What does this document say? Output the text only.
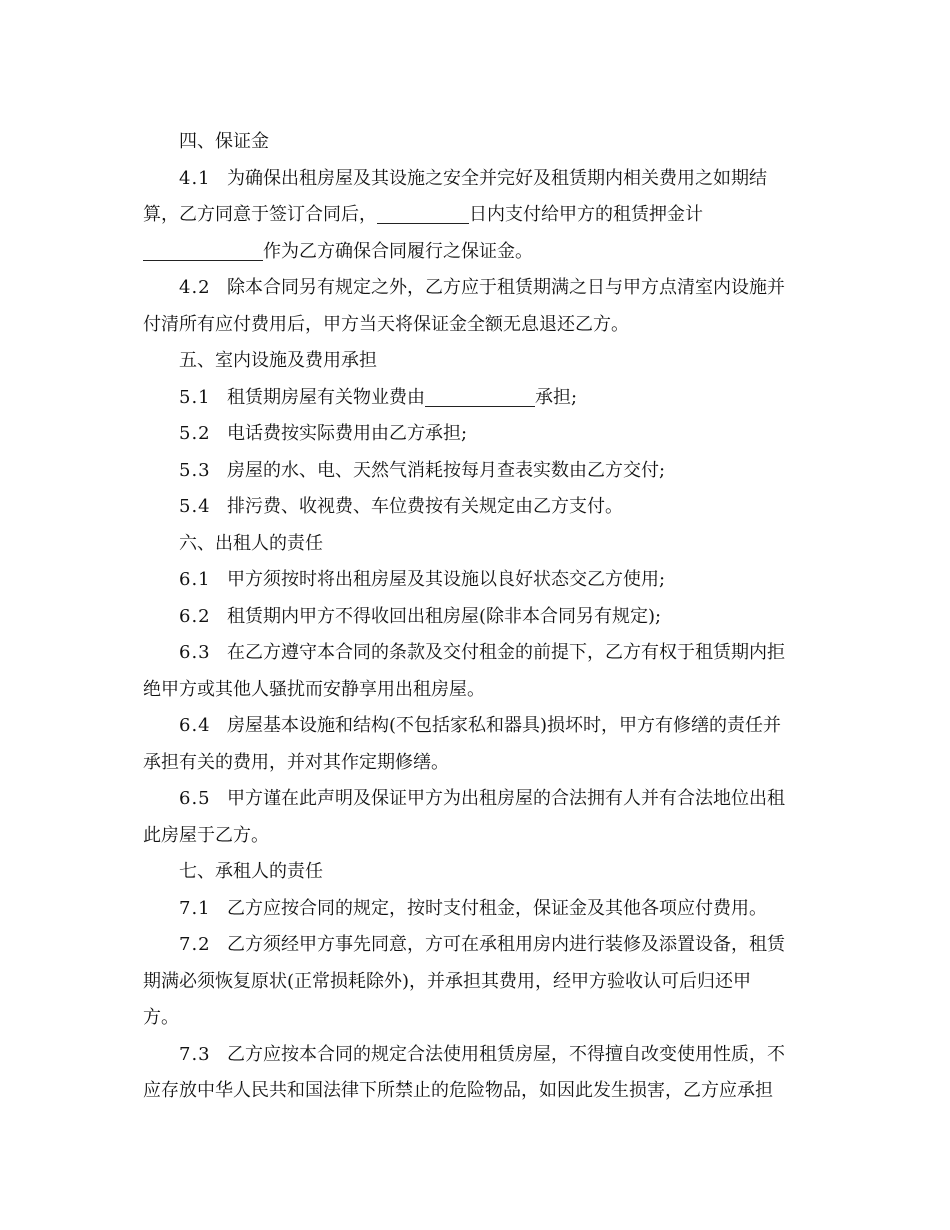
四、保证金
4.1 为确保出租房屋及其设施之安全并完好及租赁期内相关费用之如期结
算，乙方同意于签订合同后，	日内支付给甲方的租赁押金计
作为乙方确保合同履行之保证金。
4.2 除本合同另有规定之外，乙方应于租赁期满之日与甲方点清室内设施并
付清所有应付费用后，甲方当天将保证金全额无息退还乙方。
五、室内设施及费用承担
5.1 租赁期房屋有关物业费由	承担;
5.2 电话费按实际费用由乙方承担;
5.3 房屋的水、电、天然气消耗按每月查表实数由乙方交付;
5.4 排污费、收视费、车位费按有关规定由乙方支付。
六、出租人的责任
6.1 甲方须按时将出租房屋及其设施以良好状态交乙方使用;
6.2 租赁期内甲方不得收回出租房屋(除非本合同另有规定);
6.3 在乙方遵守本合同的条款及交付租金的前提下，乙方有权于租赁期内拒
绝甲方或其他人骚扰而安静享用出租房屋。
6.4 房屋基本设施和结构(不包括家私和器具)损坏时，甲方有修缮的责任并
承担有关的费用，并对其作定期修缮。
6.5 甲方谨在此声明及保证甲方为出租房屋的合法拥有人并有合法地位出租
此房屋于乙方。
七、承租人的责任
7.1 乙方应按合同的规定，按时支付租金，保证金及其他各项应付费用。
7.2 乙方须经甲方事先同意，方可在承租用房内进行装修及添置设备，租赁
期满必须恢复原状(正常损耗除外)，并承担其费用，经甲方验收认可后归还甲
方。
7.3 乙方应按本合同的规定合法使用租赁房屋，不得擅自改变使用性质，不
应存放中华人民共和国法律下所禁止的危险物品，如因此发生损害，乙方应承担
